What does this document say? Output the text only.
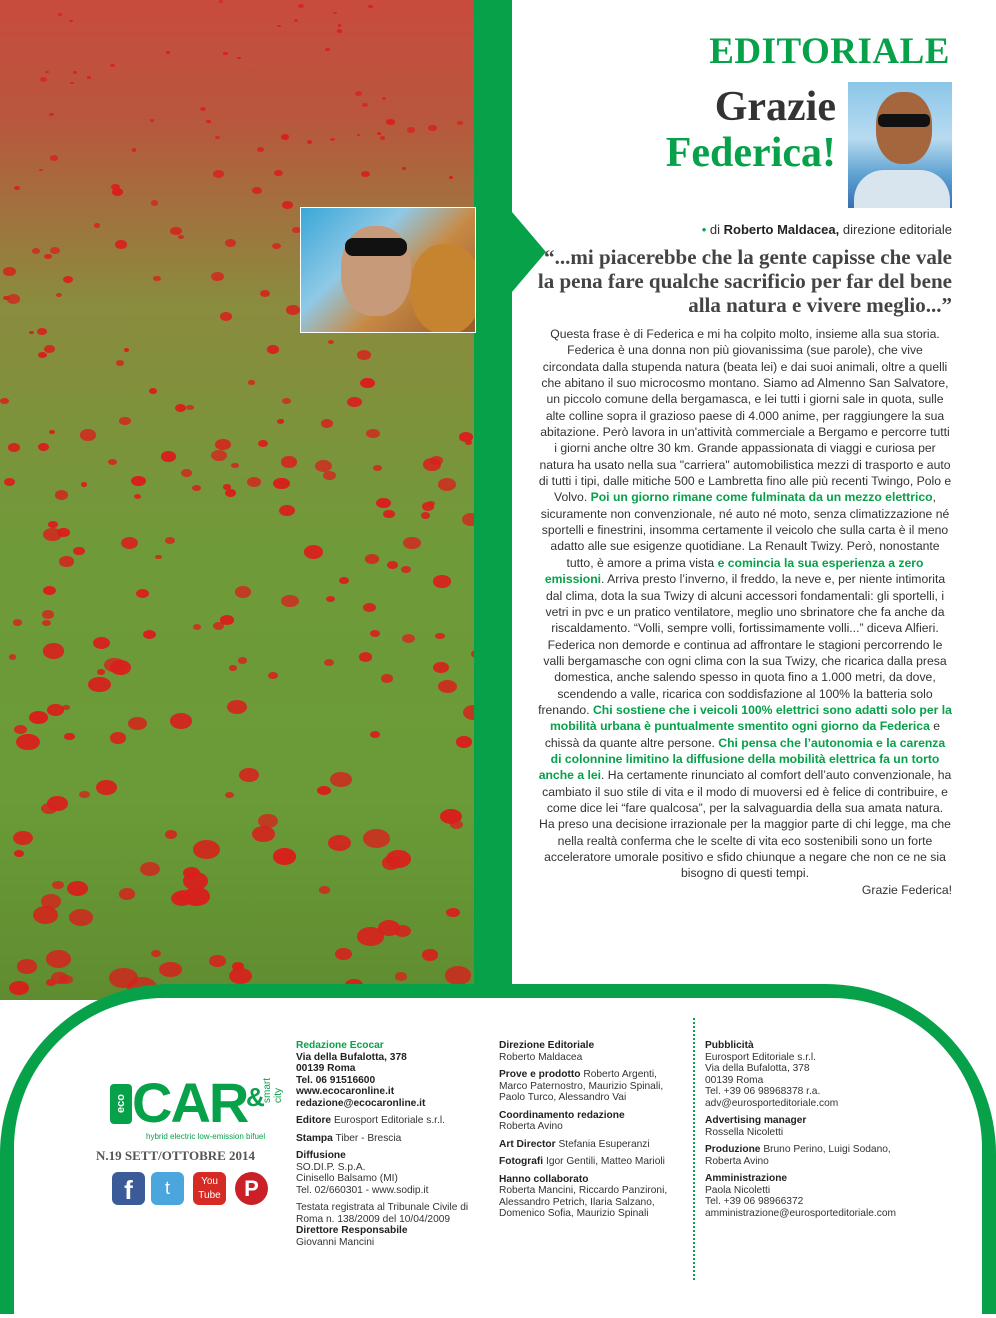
EDITORIALE
Grazie
Federica!
• di Roberto Maldacea, direzione editoriale
“...mi piacerebbe che la gente capisse che vale la pena fare qualche sacrificio per far del bene alla natura e vivere meglio...”
Questa frase è di Federica e mi ha colpito molto, insieme alla sua storia. Federica è una donna non più giovanissima (sue parole), che vive circondata dalla stupenda natura (beata lei) e dai suoi animali, oltre a quelli che abitano il suo microcosmo montano. Siamo ad Almenno San Salvatore, un piccolo comune della bergamasca, e lei tutti i giorni sale in quota, sulle alte colline sopra il grazioso paese di 4.000 anime, per raggiungere la sua abitazione. Però lavora in un'attività commerciale a Bergamo e percorre tutti i giorni anche oltre 30 km. Grande appassionata di viaggi e curiosa per natura ha usato nella sua "carriera" automobilistica mezzi di trasporto e auto di tutti i tipi, dalle mitiche 500 e Lambretta fino alle più recenti Twingo, Polo e Volvo. Poi un giorno rimane come fulminata da un mezzo elettrico, sicuramente non convenzionale, né auto né moto, senza climatizzazione né sportelli e finestrini, insomma certamente il veicolo che sulla carta è il meno adatto alle sue esigenze quotidiane. La Renault Twizy. Però, nonostante tutto, è amore a prima vista e comincia la sua esperienza a zero emissioni. Arriva presto l’inverno, il freddo, la neve e, per niente intimorita dal clima, dota la sua Twizy di alcuni accessori fondamentali: gli sportelli, i vetri in pvc e un pratico ventilatore, meglio uno sbrinatore che fa anche da riscaldamento. “Volli, sempre volli, fortissimamente volli...” diceva Alfieri. Federica non demorde e continua ad affrontare le stagioni percorrendo le valli bergamasche con ogni clima con la sua Twizy, che ricarica dalla presa domestica, anche salendo spesso in quota fino a 1.000 metri, da dove, scendendo a valle, ricarica con soddisfazione al 100% la batteria solo frenando. Chi sostiene che i veicoli 100% elettrici sono adatti solo per la mobilità urbana è puntualmente smentito ogni giorno da Federica e chissà da quante altre persone. Chi pensa che l’autonomia e la carenza di colonnine limitino la diffusione della mobilità elettrica fa un torto anche a lei. Ha certamente rinunciato al comfort dell’auto convenzionale, ha cambiato il suo stile di vita e il modo di muoversi ed è felice di contribuire, e come dice lei “fare qualcosa”, per la salvaguardia della sua amata natura. Ha preso una decisione irrazionale per la maggior parte di chi legge, ma che nella realtà conferma che le scelte di vita eco sostenibili sono un forte acceleratore umorale positivo e sfido chiunque a negare che non ce ne sia bisogno di questi tempi.

Grazie Federica!
eco CAR
&
smart city
hybrid electric low-emission bifuel
N.19 SETT/OTTOBRE 2014
f	t	You Tube	P
Redazione Ecocar
Via della Bufalotta, 378
00139 Roma
Tel. 06 91516600
www.ecocaronline.it
redazione@ecocaronline.it
Editore Eurosport Editoriale s.r.l.
Stampa Tiber - Brescia
Diffusione
SO.DI.P. S.p.A.
Cinisello Balsamo (MI)
Tel. 02/660301 - www.sodip.it
Testata registrata al Tribunale Civile di Roma n. 138/2009 del 10/04/2009
Direttore Responsabile
Giovanni Mancini
Direzione Editoriale
Roberto Maldacea
Prove e prodotto Roberto Argenti, Marco Paternostro, Maurizio Spinali, Paolo Turco, Alessandro Vai
Coordinamento redazione
Roberta Avino
Art Director Stefania Esuperanzi
Fotografi Igor Gentili, Matteo Marioli
Hanno collaborato
Roberta Mancini, Riccardo Panzironi, Alessandro Petrich, Ilaria Salzano, Domenico Sofia, Maurizio Spinali
Pubblicità
Eurosport Editoriale s.r.l.
Via della Bufalotta, 378
00139 Roma
Tel. +39 06 98968378 r.a.
adv@eurosporteditoriale.com
Advertising manager
Rossella Nicoletti
Produzione Bruno Perino, Luigi Sodano, Roberta Avino
Amministrazione
Paola Nicoletti
Tel. +39 06 98966372
amministrazione@eurosporteditoriale.com
